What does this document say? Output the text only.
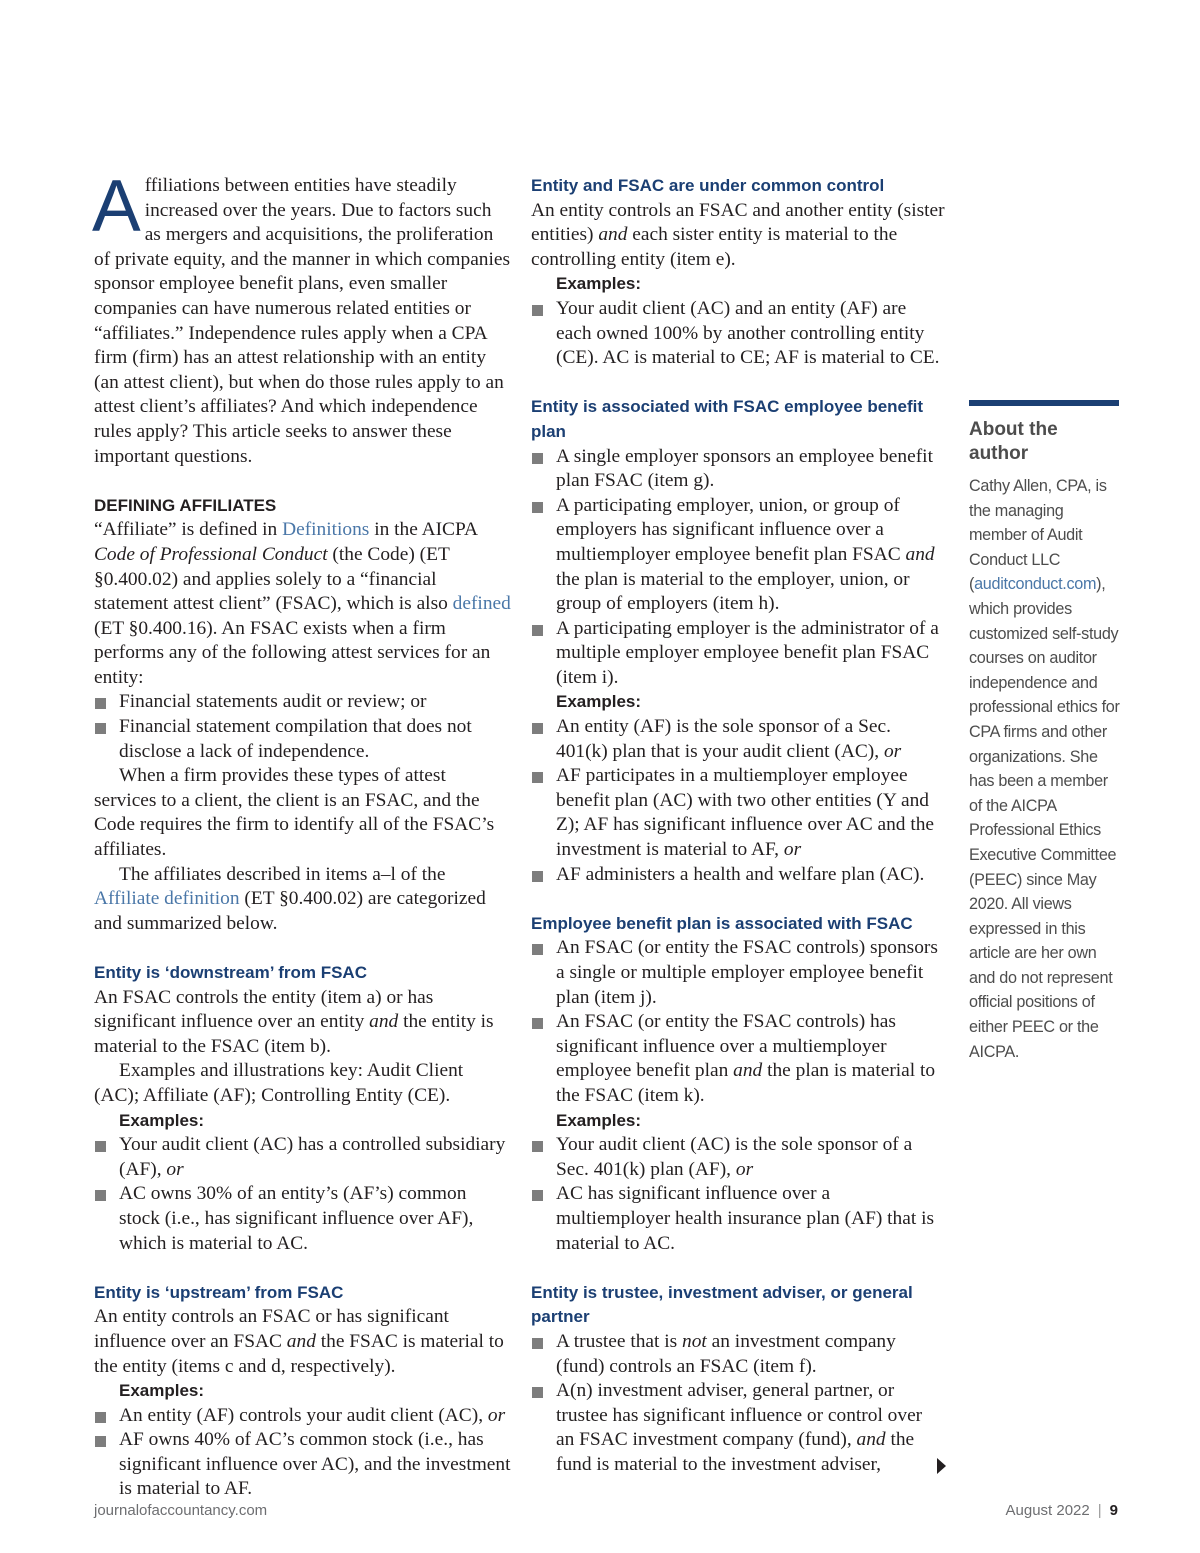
Affiliations between entities have steadily increased over the years. Due to factors such as mergers and acquisitions, the proliferation of private equity, and the manner in which companies sponsor employee benefit plans, even smaller companies can have numerous related entities or “affiliates.” Independence rules apply when a CPA firm (firm) has an attest relationship with an entity (an attest client), but when do those rules apply to an attest client’s affiliates? And which independence rules apply? This article seeks to answer these important questions.

DEFINING AFFILIATES

“Affiliate” is defined in Definitions in the AICPA Code of Professional Conduct (the Code) (ET §0.400.02) and applies solely to a “financial statement attest client” (FSAC), which is also defined (ET §0.400.16). An FSAC exists when a firm performs any of the following attest services for an entity:

Financial statements audit or review; or
Financial statement compilation that does not disclose a lack of independence.

When a firm provides these types of attest services to a client, the client is an FSAC, and the Code requires the firm to identify all of the FSAC’s affiliates.

The affiliates described in items a–l of the Affiliate definition (ET §0.400.02) are categorized and summarized below.

Entity is ‘downstream’ from FSAC

An FSAC controls the entity (item a) or has significant influence over an entity and the entity is material to the FSAC (item b).

Examples and illustrations key: Audit Client (AC); Affiliate (AF); Controlling Entity (CE).

Examples:
Your audit client (AC) has a controlled subsidiary (AF), or
AC owns 30% of an entity’s (AF’s) common stock (i.e., has significant influence over AF), which is material to AC.
Entity is ‘upstream’ from FSAC

An entity controls an FSAC or has significant influence over an FSAC and the FSAC is material to the entity (items c and d, respectively).

Examples:
An entity (AF) controls your audit client (AC), or
AF owns 40% of AC’s common stock (i.e., has significant influence over AC), and the investment is material to AF.
Entity and FSAC are under common control

An entity controls an FSAC and another entity (sister entities) and each sister entity is material to the controlling entity (item e).

Examples:
Your audit client (AC) and an entity (AF) are each owned 100% by another controlling entity (CE). AC is material to CE; AF is material to CE.
Entity is associated with FSAC employee benefit plan
A single employer sponsors an employee benefit plan FSAC (item g).
A participating employer, union, or group of employers has significant influence over a multiemployer employee benefit plan FSAC and the plan is material to the employer, union, or group of employers (item h).
A participating employer is the administrator of a multiple employer employee benefit plan FSAC (item i).
Examples:
An entity (AF) is the sole sponsor of a Sec. 401(k) plan that is your audit client (AC), or
AF participates in a multiemployer employee benefit plan (AC) with two other entities (Y and Z); AF has significant influence over AC and the investment is material to AF, or
AF administers a health and welfare plan (AC).
Employee benefit plan is associated with FSAC
An FSAC (or entity the FSAC controls) sponsors a single or multiple employer employee benefit plan (item j).
An FSAC (or entity the FSAC controls) has significant influence over a multiemployer employee benefit plan and the plan is material to the FSAC (item k).
Examples:
Your audit client (AC) is the sole sponsor of a Sec. 401(k) plan (AF), or
AC has significant influence over a multiemployer health insurance plan (AF) that is material to AC.
Entity is trustee, investment adviser, or general partner
A trustee that is not an investment company (fund) controls an FSAC (item f).
A(n) investment adviser, general partner, or trustee has significant influence or control over an FSAC investment company (fund), and the fund is material to the investment adviser,
About the author
Cathy Allen, CPA, is the managing member of Audit Conduct LLC (auditconduct.com), which provides customized self-study courses on auditor independence and professional ethics for CPA firms and other organizations. She has been a member of the AICPA Professional Ethics Executive Committee (PEEC) since May 2020. All views expressed in this article are her own and do not represent official positions of either PEEC or the AICPA.
journalofaccountancy.com	August 2022 | 9
